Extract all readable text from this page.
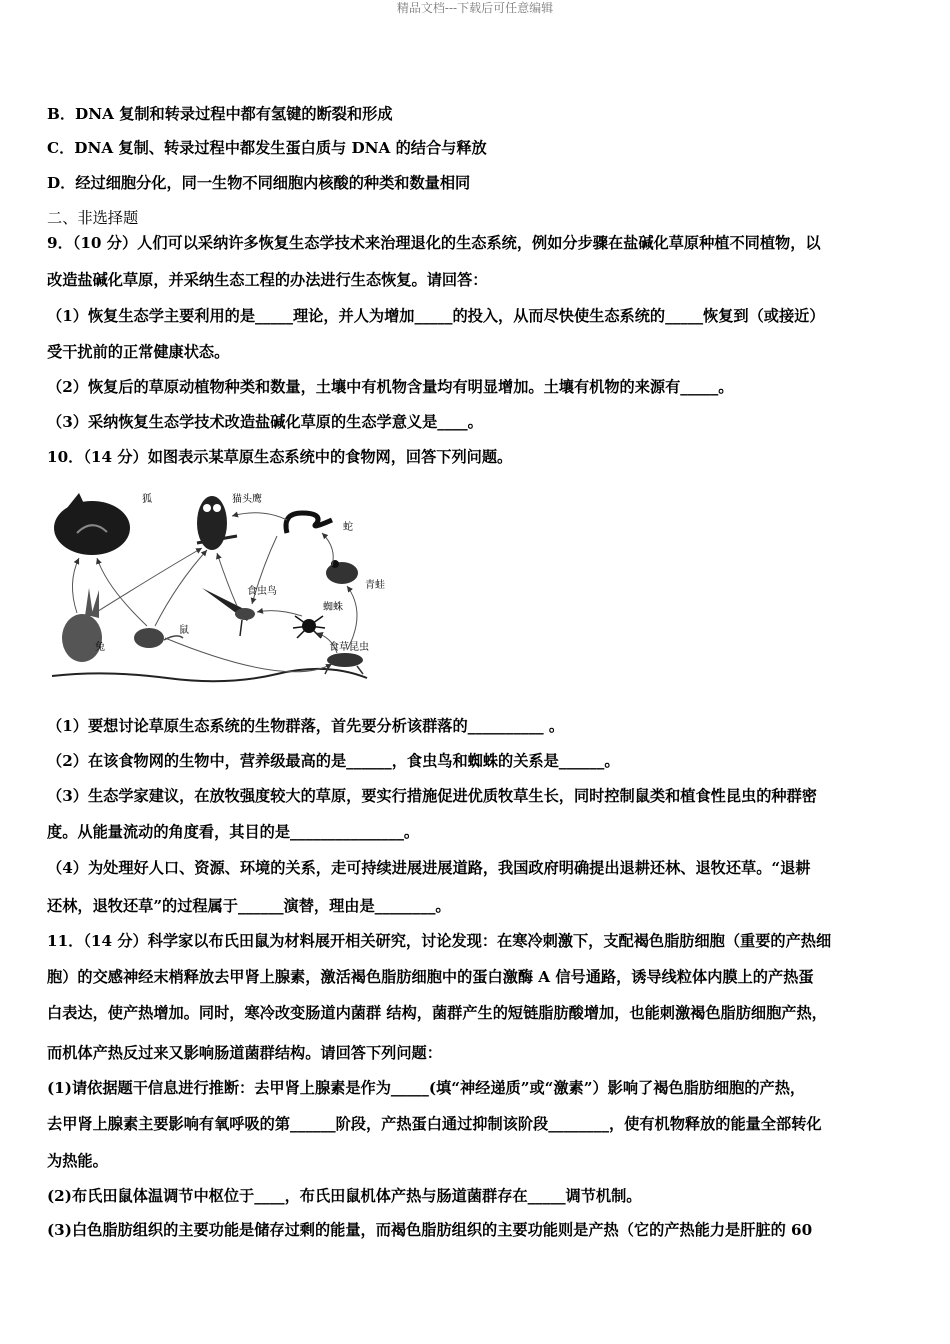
精品文档---下载后可任意编辑
B．DNA 复制和转录过程中都有氢键的断裂和形成
C．DNA 复制、转录过程中都发生蛋白质与 DNA 的结合与释放
D．经过细胞分化，同一生物不同细胞内核酸的种类和数量相同
二、非选择题
9．（10 分）人们可以采纳许多恢复生态学技术来治理退化的生态系统，例如分步骤在盐碱化草原种植不同植物，以
改造盐碱化草原，并采纳生态工程的办法进行生态恢复。请回答：
（1）恢复生态学主要利用的是_____理论，并人为增加_____的投入，从而尽快使生态系统的_____恢复到（或接近）
受干扰前的正常健康状态。
（2）恢复后的草原动植物种类和数量，土壤中有机物含量均有明显增加。土壤有机物的来源有_____。
（3）采纳恢复生态学技术改造盐碱化草原的生态学意义是____。
10．（14 分）如图表示某草原生态系统中的食物网，回答下列问题。
狐	猫头鹰
蛇
青蛙
食虫鸟
蜘蛛
兔
鼠
食草昆虫
（1）要想讨论草原生态系统的生物群落，首先要分析该群落的__________ 。
（2）在该食物网的生物中，营养级最高的是______，食虫鸟和蜘蛛的关系是______。
（3）生态学家建议，在放牧强度较大的草原，要实行措施促进优质牧草生长，同时控制鼠类和植食性昆虫的种群密
度。从能量流动的角度看，其目的是_______________。
（4）为处理好人口、资源、环境的关系，走可持续进展进展道路，我国政府明确提出退耕还林、退牧还草。“退耕
还林，退牧还草”的过程属于______演替，理由是________。
11．（14 分）科学家以布氏田鼠为材料展开相关研究，讨论发现：在寒冷刺激下，支配褐色脂肪细胞（重要的产热细
胞）的交感神经末梢释放去甲肾上腺素，激活褐色脂肪细胞中的蛋白激酶 A 信号通路，诱导线粒体内膜上的产热蛋
白表达，使产热增加。同时，寒冷改变肠道内菌群 结构，菌群产生的短链脂肪酸增加，也能刺激褐色脂肪细胞产热，
而机体产热反过来又影响肠道菌群结构。请回答下列问题：
(1)请依据题干信息进行推断：去甲肾上腺素是作为_____(填“神经递质”或“激素”）影响了褐色脂肪细胞的产热，
去甲肾上腺素主要影响有氧呼吸的第______阶段，产热蛋白通过抑制该阶段________，使有机物释放的能量全部转化
为热能。
(2)布氏田鼠体温调节中枢位于____，布氏田鼠机体产热与肠道菌群存在_____调节机制。
(3)白色脂肪组织的主要功能是储存过剩的能量，而褐色脂肪组织的主要功能则是产热（它的产热能力是肝脏的 60
